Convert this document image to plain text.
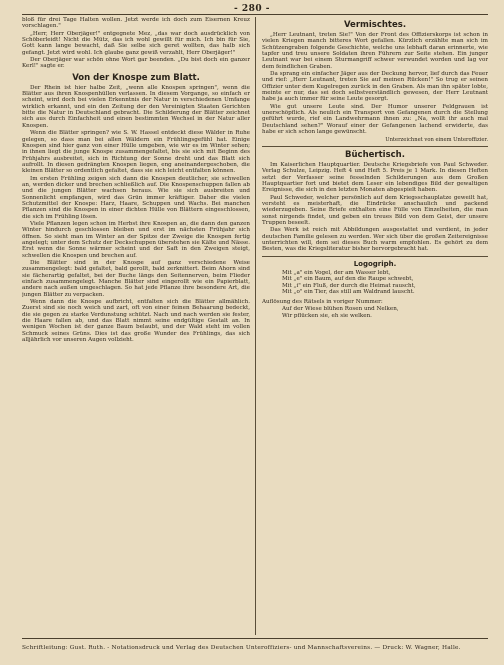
- 280 -

bloß für drei Tage Halten wollen. Jetzt werde ich doch zum Eisernen Kreuz vorschlagen."

„Herr, Herr Oberjäger!" entgegnete Mez, „das war doch ausdrücklich von Schöberleidt! Nicht die Mütz, das ich wohl gewillt für mich. Ich bin für Sie, Gott kann lange bewacht, daß Sie selbe sich geret wollten, das halb sich gefangt. Jetzt wird wohl. Ich glaube ganz gewiß verzahlt, Herr Oberjäger!"

Der Oberjäger war schön ohne Wort gar beenden. „Du bist doch ein ganzer Kerl!" sagte er.

Von der Knospe zum Blatt.

Der Rhein ist hier halbe Zeit, „wenn alle Knospen springen", wenn die Blätter aus ihren Knospenhüllen verlassen. In diesem Vorgange, so einfach er scheint, wird doch bei vielen Erkenntnis der Natur in verschiedenen Umfange wirklich erkannt, und ein den Zeitung der den Vereinigten Staaten Gerichten bitte die Natur in Deutschland gebracht. Die Schilderung der Blätter zeichnet sich aus durch Einfachheit und einen bestimmten Wechsel in der Natur aller Knospen.

Wenn die Blätter springen? wie S. W. Hassel entdeckt diese Wälder in Ruhe gelegen, so dass man bei allen Wäldern ein Frühlingsgefühl hat. Einige Knospen sind hier ganz von einer Hülle umgeben, wie wir es im Winter sehen; in ihnen liegt die junge Knospe zusammengefaltet, bis sie sich mit Beginn des Frühjahrs ausbreitet, sich in Richtung der Sonne dreht und das Blatt sich aufrollt. In diesen gedrängten Knospen liegen, eng aneinandergeschoben, die kleinen Blätter so ordentlich gefaltet, dass sie sich leicht entfalten können.

Im ersten Frühling zeigen sich dann die Knospen deutlicher, sie schwellen an, werden dicker und brechen schließlich auf. Die Knospenschuppen fallen ab und die jungen Blätter wachsen heraus. Wie sie sich ausbreiten und Sonnenlicht empfangen, wird das Grün immer kräftiger. Daher die vielen Schutzmittel der Knospe: Harz, Haare, Schuppen und Wachs. Bei manchen Pflanzen sind die Knospen in einer dichten Hülle von Blättern eingeschlossen, die sich im Frühling lösen.

Viele Pflanzen legen schon im Herbst ihre Knospen an, die dann den ganzen Winter hindurch geschlossen bleiben und erst im nächsten Frühjahr sich öffnen. So sieht man im Winter an der Spitze der Zweige die Knospen fertig angelegt; unter dem Schutz der Deckschuppen überstehen sie Kälte und Nässe. Erst wenn die Sonne wärmer scheint und der Saft in den Zweigen steigt, schwellen die Knospen und brechen auf.

Die Blätter sind in der Knospe auf ganz verschiedene Weise zusammengelegt: bald gefaltet, bald gerollt, bald zerknittert. Beim Ahorn sind sie fächerartig gefaltet, bei der Buche längs den Seitennerven, beim Flieder einfach zusammengelegt. Manche Blätter sind eingerollt wie ein Papierblatt, andere nach außen umgeschlagen. So hat jede Pflanze ihre besondere Art, die jungen Blätter zu verpacken.

Wenn dann die Knospe aufbricht, entfalten sich die Blätter allmählich. Zuerst sind sie noch weich und zart, oft von einer feinen Behaarung bedeckt, die sie gegen zu starke Verdunstung schützt. Nach und nach werden sie fester, die Haare fallen ab, und das Blatt nimmt seine endgültige Gestalt an. In wenigen Wochen ist der ganze Baum belaubt, und der Wald steht im vollen Schmuck seines Grüns. Dies ist das große Wunder des Frühlings, das sich alljährlich vor unseren Augen vollzieht.

Vermischtes.

„Herr Leutnant, treten Sie!" Von der Front des Offizierskorps ist schon in vielen Kriegen manch bitteres Wort gefallen. Kürzlich erzählte man sich im Schützengraben folgende Geschichte, welche uns lebhaft daran erinnerte, wie tapfer und treu unsere Soldaten ihren Führern zur Seite stehen. Ein junger Leutnant war bei einem Sturmangriff schwer verwundet worden und lag vor dem feindlichen Graben.

Da sprang ein einfacher Jäger aus der Deckung hervor, lief durch das Feuer und rief: „Herr Leutnant, treten Sie auf meinen Rücken!" So trug er seinen Offizier unter dem Kugelregen zurück in den Graben. Als man ihn später lobte, meinte er nur, das sei doch selbstverständlich gewesen, der Herr Leutnant habe ja auch immer für seine Leute gesorgt.

Wie gut unsere Leute sind. Der Humor unserer Feldgrauen ist unerschöpflich. Als neulich ein Transport von Gefangenen durch die Stellung geführt wurde, rief ein Landwehrmann ihnen zu: „Na, wollt ihr auch mal Deutschland sehen?" Worauf einer der Gefangenen lachend erwiderte, das habe er sich schon lange gewünscht.

Unterzeichnet von einem Unteroffizier.
Büchertisch.

Im Kaiserlichen Hauptquartier. Deutsche Kriegsbriefe von Paul Schweder. Verlag Schulze, Leipzig. Heft 4 und Heft 5. Preis je 1 Mark. In diesen Heften setzt der Verfasser seine fesselnden Schilderungen aus dem Großen Hauptquartier fort und bietet dem Leser ein lebendiges Bild der gewaltigen Ereignisse, die sich in den letzten Monaten abgespielt haben.

Paul Schweder, welcher persönlich auf dem Kriegsschauplatze geweilt hat, versteht es meisterhaft, die Eindrücke anschaulich und packend wiederzugeben. Seine Briefe enthalten eine Fülle von Einzelheiten, die man sonst nirgends findet, und geben ein treues Bild von dem Geist, der unsere Truppen beseelt.

Das Werk ist reich mit Abbildungen ausgestattet und verdient, in jeder deutschen Familie gelesen zu werden. Wer sich über die großen Zeitereignisse unterrichten will, dem sei dieses Buch warm empfohlen. Es gehört zu dem Besten, was die Kriegsliteratur bisher hervorgebracht hat.

Logogriph.
Mit „a" ein Vogel, der am Wasser lebt,
Mit „e" ein Baum, auf den die Raupe schwebt,
Mit „i" ein Fluß, der durch die Heimat rauscht,
Mit „o" ein Tier, das still am Waldrand lauscht.

Auflösung des Rätsels in voriger Nummer:

Auf der Wiese blühen Rosen und Nelken,
Wir pflücken sie, eh sie welken.
Schriftleitung: Gust. Ruth. - Notationsdruck und Verlag des Deutschen Unteroffiziers- und Mannschaftsvereins. — Druck: W. Wagner, Halle.
